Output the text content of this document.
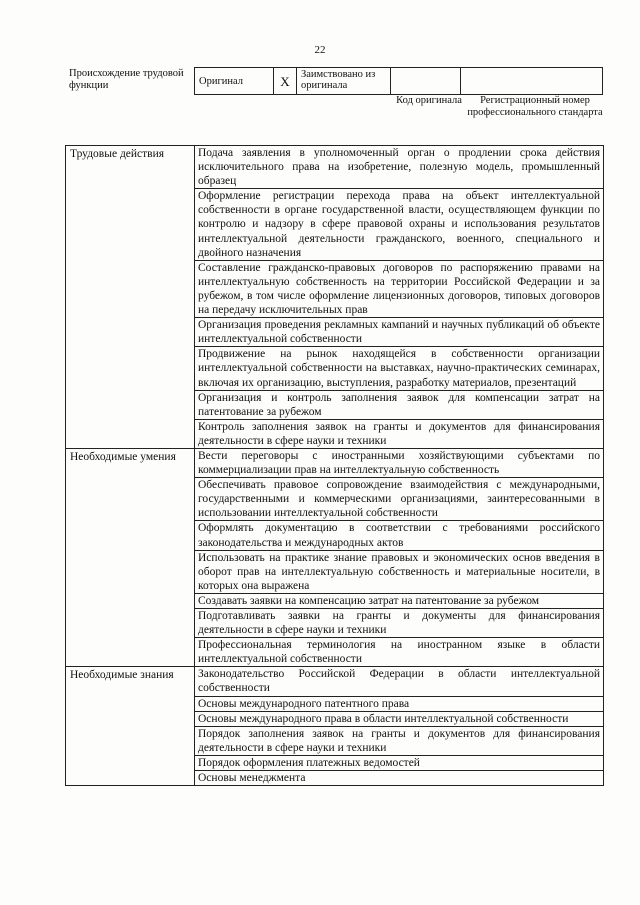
22
Происхождение трудовой функции	Оригинал	X	Заимствовано из оригинала		
Код оригинала	Регистрационный номер профессионального стандарта
Трудовые действия	Подача заявления в уполномоченный орган о продлении срока действия исключительного права на изобретение, полезную модель, промышленный образец
	Оформление регистрации перехода права на объект интеллектуальной собственности в органе государственной власти, осуществляющем функции по контролю и надзору в сфере правовой охраны и использования результатов интеллектуальной деятельности гражданского, военного, специального и двойного назначения
	Составление гражданско-правовых договоров по распоряжению правами на интеллектуальную собственность на территории Российской Федерации и за рубежом, в том числе оформление лицензионных договоров, типовых договоров на передачу исключительных прав
	Организация проведения рекламных кампаний и научных публикаций об объекте интеллектуальной собственности
	Продвижение на рынок находящейся в собственности организации интеллектуальной собственности на выставках, научно-практических семинарах, включая их организацию, выступления, разработку материалов, презентаций
	Организация и контроль заполнения заявок для компенсации затрат на патентование за рубежом
	Контроль заполнения заявок на гранты и документов для финансирования деятельности в сфере науки и техники
Необходимые умения	Вести переговоры с иностранными хозяйствующими субъектами по коммерциализации прав на интеллектуальную собственность
	Обеспечивать правовое сопровождение взаимодействия с международными, государственными и коммерческими организациями, заинтересованными в использовании интеллектуальной собственности
	Оформлять документацию в соответствии с требованиями российского законодательства и международных актов
	Использовать на практике знание правовых и экономических основ введения в оборот прав на интеллектуальную собственность и материальные носители, в которых она выражена
	Создавать заявки на компенсацию затрат на патентование за рубежом
	Подготавливать заявки на гранты и документы для финансирования деятельности в сфере науки и техники
	Профессиональная терминология на иностранном языке в области интеллектуальной собственности
Необходимые знания	Законодательство Российской Федерации в области интеллектуальной собственности
	Основы международного патентного права
	Основы международного права в области интеллектуальной собственности
	Порядок заполнения заявок на гранты и документов для финансирования деятельности в сфере науки и техники
	Порядок оформления платежных ведомостей
	Основы менеджмента
